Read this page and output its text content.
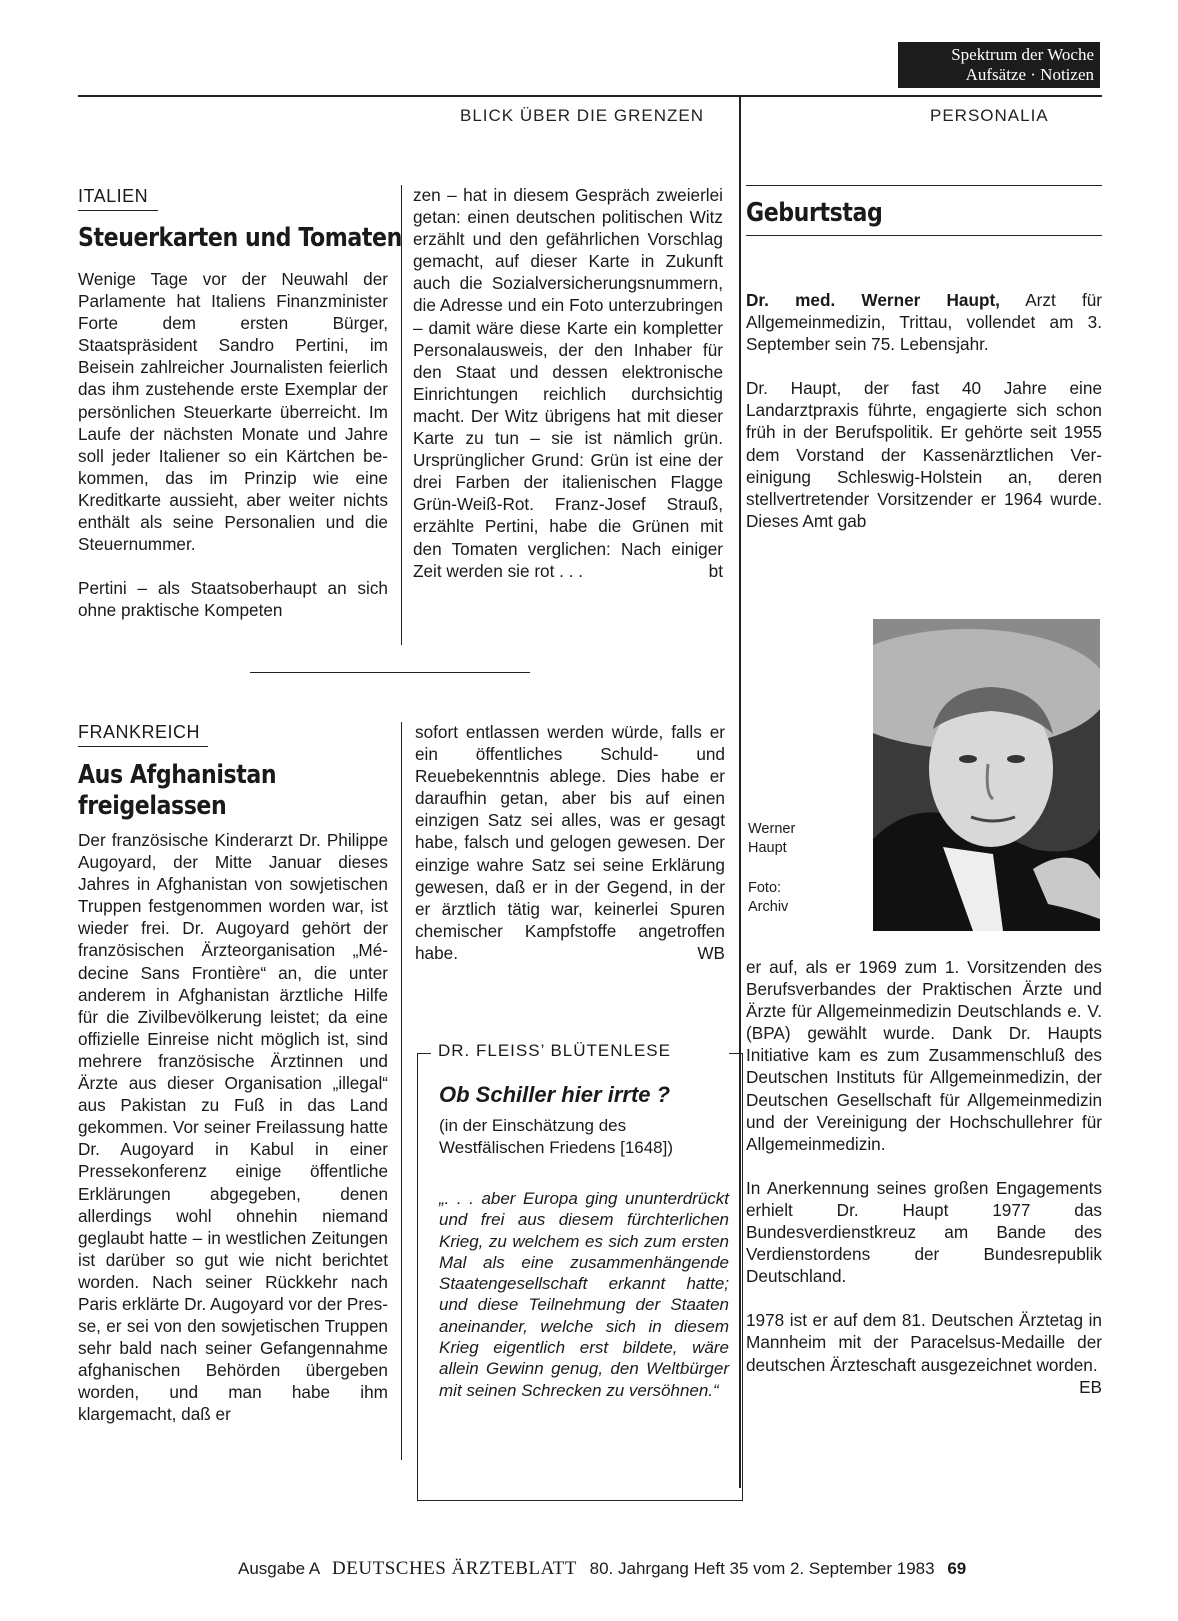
Spektrum der Woche
Aufsätze · Notizen
BLICK ÜBER DIE GRENZEN	PERSONALIA
ITALIEN
Steuerkarten und Tomaten

Wenige Tage vor der Neuwahl der Parlamente hat Italiens Finanzminister Forte dem ersten Bürger, Staatspräsident Sandro Pertini, im Beisein zahlreicher Journalisten feierlich das ihm zustehende erste Exemplar der persönlichen Steuerkarte überreicht. Im Laufe der nächsten Monate und Jahre soll jeder Italiener so ein Kärtchen bekommen, das im Prinzip wie eine Kreditkarte aussieht, aber weiter nichts enthält als seine Personalien und die Steuernummer.

Pertini – als Staatsoberhaupt an sich ohne praktische Kompeten

zen – hat in diesem Gespräch zweierlei getan: einen deutschen politischen Witz erzählt und den gefährlichen Vorschlag gemacht, auf dieser Karte in Zukunft auch die Sozialversicherungsnummern, die Adresse und ein Foto unterzubringen – damit wäre diese Karte ein kompletter Personalausweis, der den Inhaber für den Staat und dessen elektronische Einrichtungen reichlich durchsichtig macht. Der Witz übrigens hat mit dieser Karte zu tun – sie ist nämlich grün. Ursprünglicher Grund: Grün ist eine der drei Farben der italienischen Flagge Grün-Weiß-Rot. Franz-Josef Strauß, erzählte Pertini, habe die Grünen mit den Tomaten verglichen: Nach einiger Zeit werden sie rot . . .	bt

FRANKREICH
Aus Afghanistan
freigelassen

Der französische Kinderarzt Dr. Philippe Augoyard, der Mitte Januar dieses Jahres in Afghanistan von sowjetischen Truppen festgenommen worden war, ist wieder frei. Dr. Augoyard gehört der französischen Ärzteorganisation „Médecine Sans Frontière“ an, die unter anderem in Afghanistan ärztliche Hilfe für die Zivilbevölkerung leistet; da eine offizielle Einreise nicht möglich ist, sind mehrere französische Ärztinnen und Ärzte aus dieser Organisation „illegal“ aus Pakistan zu Fuß in das Land gekommen. Vor seiner Freilassung hatte Dr. Augoyard in Kabul in einer Pressekonferenz einige öffentliche Erklärungen abgegeben, denen allerdings wohl ohnehin niemand geglaubt hatte – in westlichen Zeitungen ist darüber so gut wie nicht berichtet worden. Nach seiner Rückkehr nach Paris erklärte Dr. Augoyard vor der Presse, er sei von den sowjetischen Truppen sehr bald nach seiner Gefangennahme afghanischen Behörden übergeben worden, und man habe ihm klargemacht, daß er

sofort entlassen werden würde, falls er ein öffentliches Schuld- und Reuebekenntnis ablege. Dies habe er daraufhin getan, aber bis auf einen einzigen Satz sei alles, was er gesagt habe, falsch und gelogen gewesen. Der einzige wahre Satz sei seine Erklärung gewesen, daß er in der Gegend, in der er ärztlich tätig war, keinerlei Spuren chemischer Kampfstoffe angetroffen habe.	WB

DR. FLEISS’ BLÜTENLESE
Ob Schiller hier irrte ?
(in der Einschätzung des Westfälischen Friedens [1648])
„. . . aber Europa ging ununterdrückt und frei aus diesem fürchterlichen Krieg, zu welchem es sich zum ersten Mal als eine zusammenhängende Staatengesellschaft erkannt hatte; und diese Teilnehmung der Staaten aneinander, welche sich in diesem Krieg eigentlich erst bildete, wäre allein Gewinn genug, den Weltbürger mit seinen Schrecken zu versöhnen.“
Geburtstag

Dr. med. Werner Haupt, Arzt für Allgemeinmedizin, Trittau, vollendet am 3. September sein 75. Lebensjahr.

Dr. Haupt, der fast 40 Jahre eine Landarztpraxis führte, engagierte sich schon früh in der Berufspolitik. Er gehörte seit 1955 dem Vorstand der Kassenärztlichen Vereinigung Schleswig-Holstein an, deren stellvertretender Vorsitzender er 1964 wurde. Dieses Amt gab

Werner
Haupt
Foto:
Archiv

er auf, als er 1969 zum 1. Vorsitzenden des Berufsverbandes der Praktischen Ärzte und Ärzte für Allgemeinmedizin Deutschlands e. V. (BPA) gewählt wurde. Dank Dr. Haupts Initiative kam es zum Zusammenschluß des Deutschen Instituts für Allgemeinmedizin, der Deutschen Gesellschaft für Allgemeinmedizin und der Vereinigung der Hochschullehrer für Allgemeinmedizin.

In Anerkennung seines großen Engagements erhielt Dr. Haupt 1977 das Bundesverdienstkreuz am Bande des Verdienstordens der Bundesrepublik Deutschland.

1978 ist er auf dem 81. Deutschen Ärztetag in Mannheim mit der Paracelsus-Medaille der deutschen Ärzteschaft ausgezeichnet worden.
EB

Ausgabe A DEUTSCHES ÄRZTEBLATT 80. Jahrgang Heft 35 vom 2. September 1983 69
